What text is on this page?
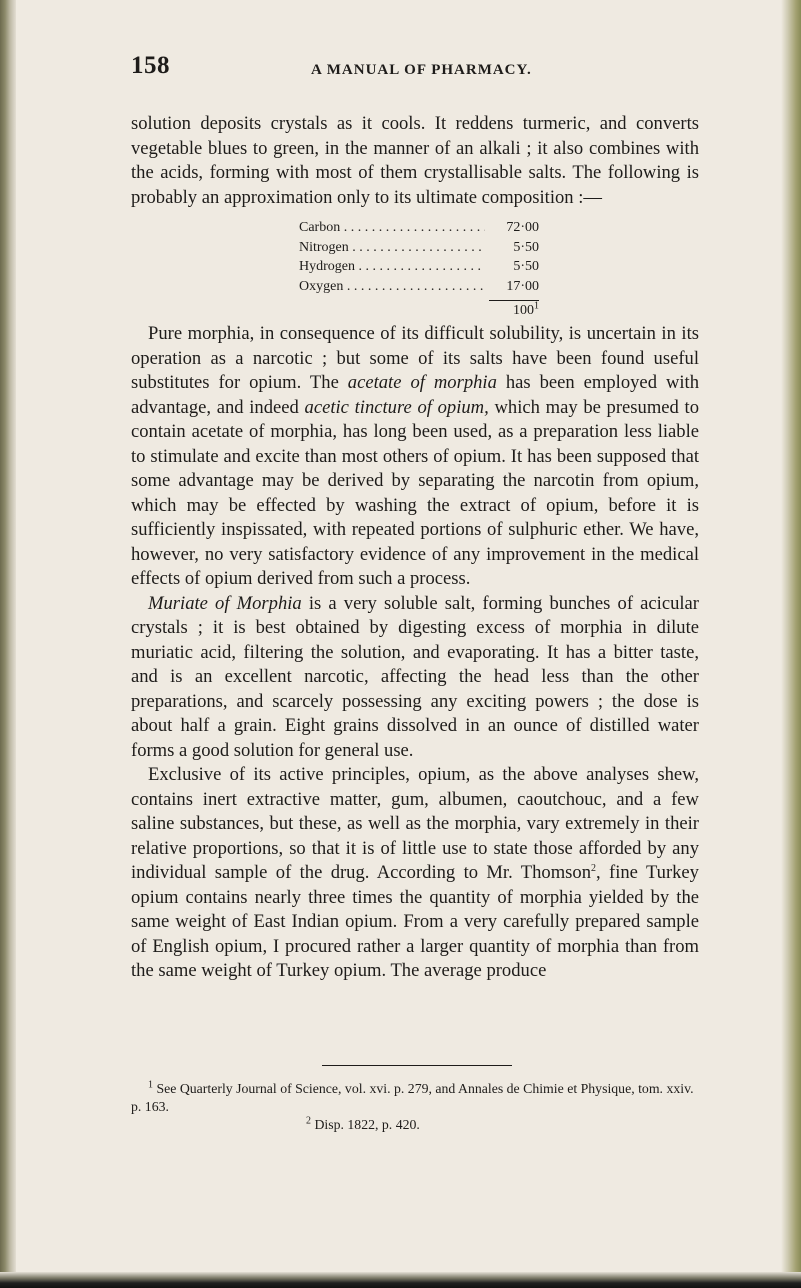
158	A MANUAL OF PHARMACY.

solution deposits crystals as it cools. It reddens turmeric, and converts vegetable blues to green, in the manner of an alkali ; it also combines with the acids, forming with most of them crystallisable salts. The following is probably an approximation only to its ultimate composition :—

Carbon . . .	72·00
Nitrogen . . .	5·50
Hydrogen . . .	5·50
Oxygen . . .	17·00
$100^1$

Pure morphia, in consequence of its difficult solubility, is uncertain in its operation as a narcotic ; but some of its salts have been found useful substitutes for opium. The acetate of morphia has been employed with advantage, and indeed acetic tincture of opium, which may be presumed to contain acetate of morphia, has long been used, as a preparation less liable to stimulate and excite than most others of opium. It has been supposed that some advantage may be derived by separating the narcotin from opium, which may be effected by washing the extract of opium, before it is sufficiently inspissated, with repeated portions of sulphuric ether. We have, however, no very satisfactory evidence of any improvement in the medical effects of opium derived from such a process.

Muriate of Morphia is a very soluble salt, forming bunches of acicular crystals ; it is best obtained by digesting excess of morphia in dilute muriatic acid, filtering the solution, and evaporating. It has a bitter taste, and is an excellent narcotic, affecting the head less than the other preparations, and scarcely possessing any exciting powers ; the dose is about half a grain. Eight grains dissolved in an ounce of distilled water forms a good solution for general use.

Exclusive of its active principles, opium, as the above analyses shew, contains inert extractive matter, gum, albumen, caoutchouc, and a few saline substances, but these, as well as the morphia, vary extremely in their relative proportions, so that it is of little use to state those afforded by any individual sample of the drug. According to Mr. Thomson$^2$, fine Turkey opium contains nearly three times the quantity of morphia yielded by the same weight of East Indian opium. From a very carefully prepared sample of English opium, I procured rather a larger quantity of morphia than from the same weight of Turkey opium. The average produce

$^1$ See Quarterly Journal of Science, vol. xvi. p. 279, and Annales de Chimie et Physique, tom. xxiv. p. 163.

$^2$ Disp. 1822, p. 420.
